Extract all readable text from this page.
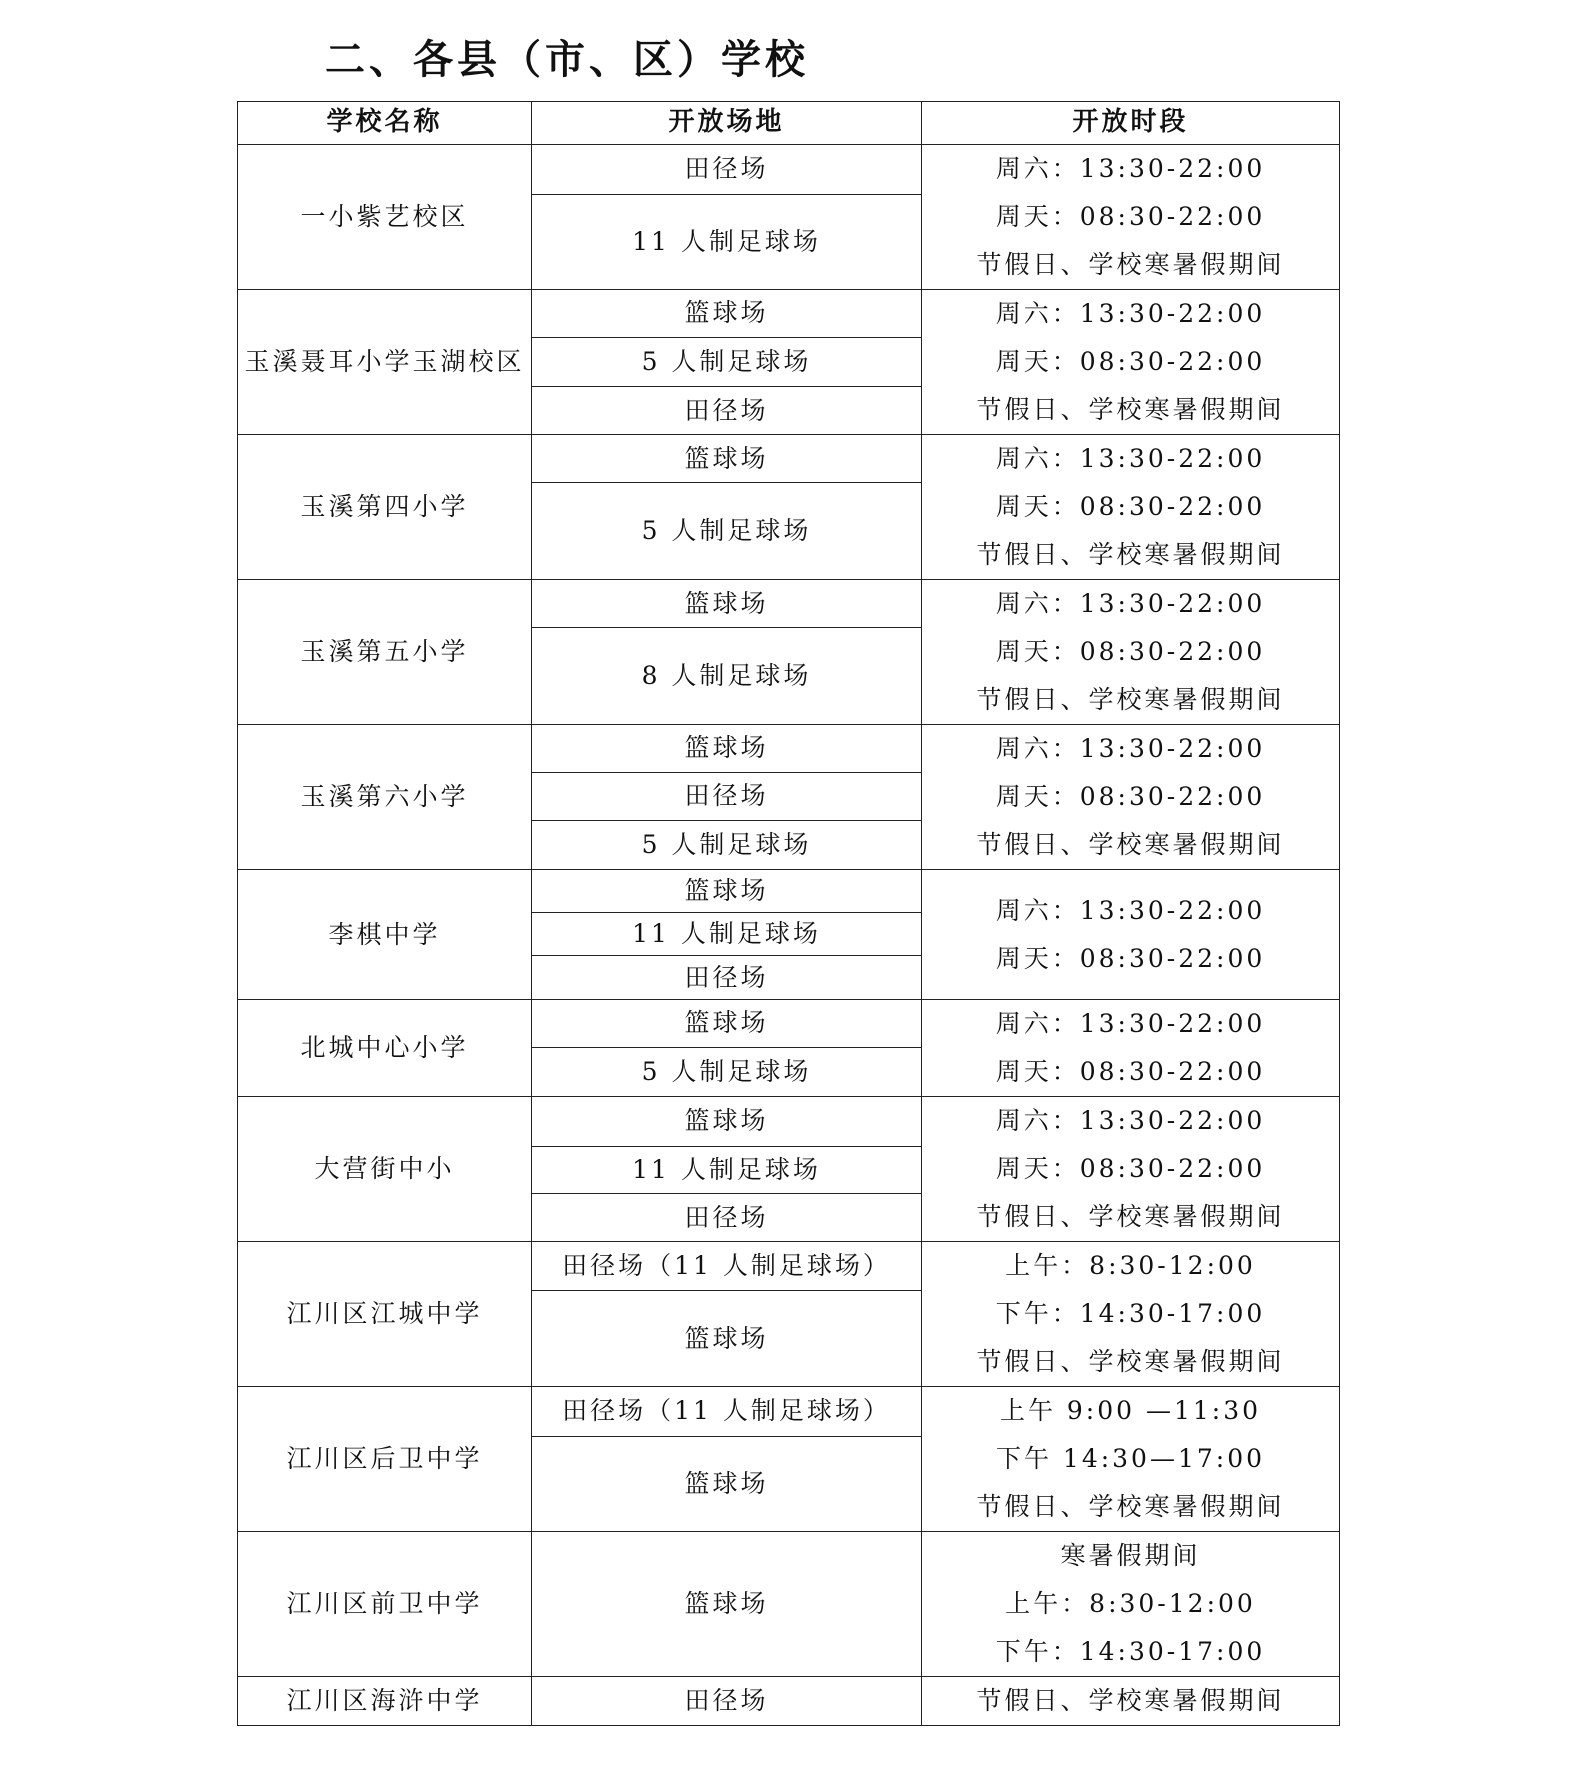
二、各县（市、区）学校
学校名称	开放场地	开放时段
一小紫艺校区	田径场	周六：13:30-22:00
周天：08:30-22:00
节假日、学校寒暑假期间

	11 人制足球场	
玉溪聂耳小学玉湖校区	篮球场	周六：13:30-22:00
周天：08:30-22:00
节假日、学校寒暑假期间

	5 人制足球场	
	田径场	
玉溪第四小学	篮球场	周六：13:30-22:00
周天：08:30-22:00
节假日、学校寒暑假期间

	5 人制足球场	
玉溪第五小学	篮球场	周六：13:30-22:00
周天：08:30-22:00
节假日、学校寒暑假期间

	8 人制足球场	
玉溪第六小学	篮球场	周六：13:30-22:00
周天：08:30-22:00
节假日、学校寒暑假期间

	田径场	
	5 人制足球场	
李棋中学	篮球场	周六：13:30-22:00
周天：08:30-22:00

	11 人制足球场	
	田径场	
北城中心小学	篮球场	周六：13:30-22:00
周天：08:30-22:00

	5 人制足球场	
大营街中小	篮球场	周六：13:30-22:00
周天：08:30-22:00
节假日、学校寒暑假期间

	11 人制足球场	
	田径场	
江川区江城中学	田径场（11 人制足球场）	上午：8:30-12:00
下午：14:30-17:00
节假日、学校寒暑假期间

	篮球场	
江川区后卫中学	田径场（11 人制足球场）	上午 9:00 —11:30
下午 14:30—17:00
节假日、学校寒暑假期间

	篮球场	
江川区前卫中学	篮球场	寒暑假期间
上午：8:30-12:00
下午：14:30-17:00

江川区海浒中学	田径场	节假日、学校寒暑假期间
